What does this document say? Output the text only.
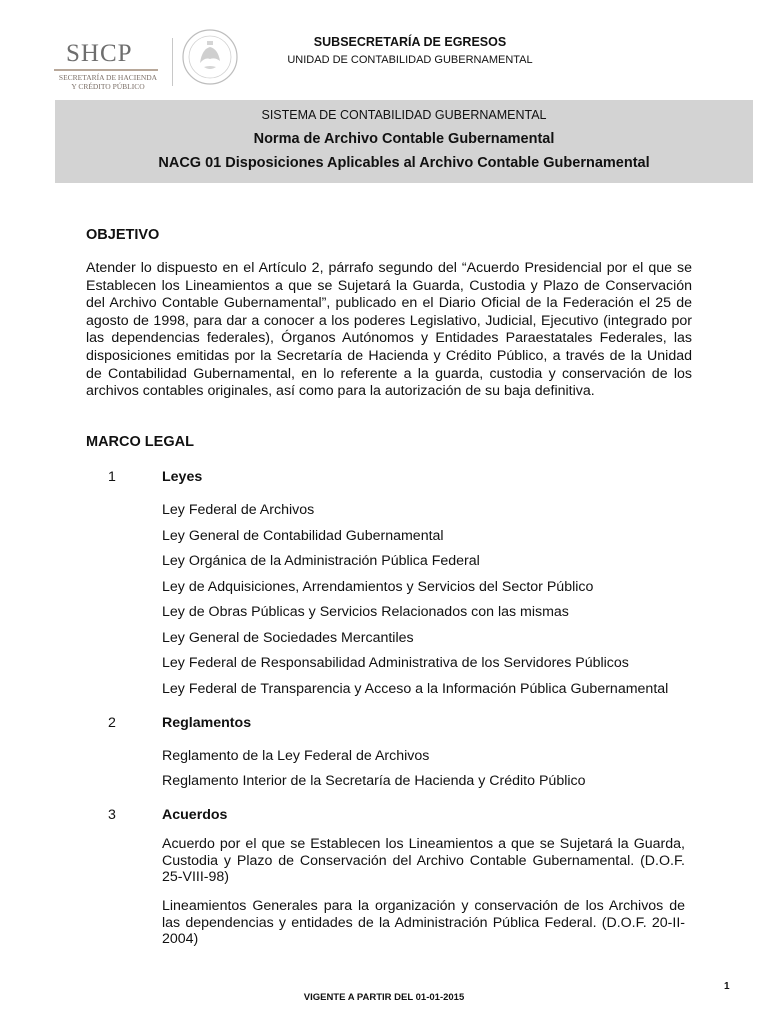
SHCP
SECRETARÍA DE HACIENDA Y CRÉDITO PÚBLICO
SUBSECRETARÍA DE EGRESOS
UNIDAD DE CONTABILIDAD GUBERNAMENTAL
SISTEMA DE CONTABILIDAD GUBERNAMENTAL
Norma de Archivo Contable Gubernamental
NACG 01 Disposiciones Aplicables al Archivo Contable Gubernamental
OBJETIVO
Atender lo dispuesto en el Artículo 2, párrafo segundo del “Acuerdo Presidencial por el que se Establecen los Lineamientos a que se Sujetará la Guarda, Custodia y Plazo de Conservación del Archivo Contable Gubernamental”, publicado en el Diario Oficial de la Federación el 25 de agosto de 1998, para dar a conocer a los poderes Legislativo, Judicial, Ejecutivo (integrado por las dependencias federales), Órganos Autónomos y Entidades Paraestatales Federales, las disposiciones emitidas por la Secretaría de Hacienda y Crédito Público, a través de la Unidad de Contabilidad Gubernamental, en lo referente a la guarda, custodia y conservación de los archivos contables originales, así como para la autorización de su baja definitiva.
MARCO LEGAL
1	Leyes
Ley Federal de Archivos
Ley General de Contabilidad Gubernamental
Ley Orgánica de la Administración Pública Federal
Ley de Adquisiciones, Arrendamientos y Servicios del Sector Público
Ley de Obras Públicas y Servicios Relacionados con las mismas
Ley General de Sociedades Mercantiles
Ley Federal de Responsabilidad Administrativa de los Servidores Públicos
Ley Federal de Transparencia y Acceso a la Información Pública Gubernamental
2	Reglamentos
Reglamento de la Ley Federal de Archivos
Reglamento Interior de la Secretaría de Hacienda y Crédito Público
3	Acuerdos
Acuerdo por el que se Establecen los Lineamientos a que se Sujetará la Guarda, Custodia y Plazo de Conservación del Archivo Contable Gubernamental. (D.O.F. 25-VIII-98)
Lineamientos Generales para la organización y conservación de los Archivos de las dependencias y entidades de la Administración Pública Federal. (D.O.F. 20-II-2004)
1
VIGENTE A PARTIR DEL 01-01-2015
